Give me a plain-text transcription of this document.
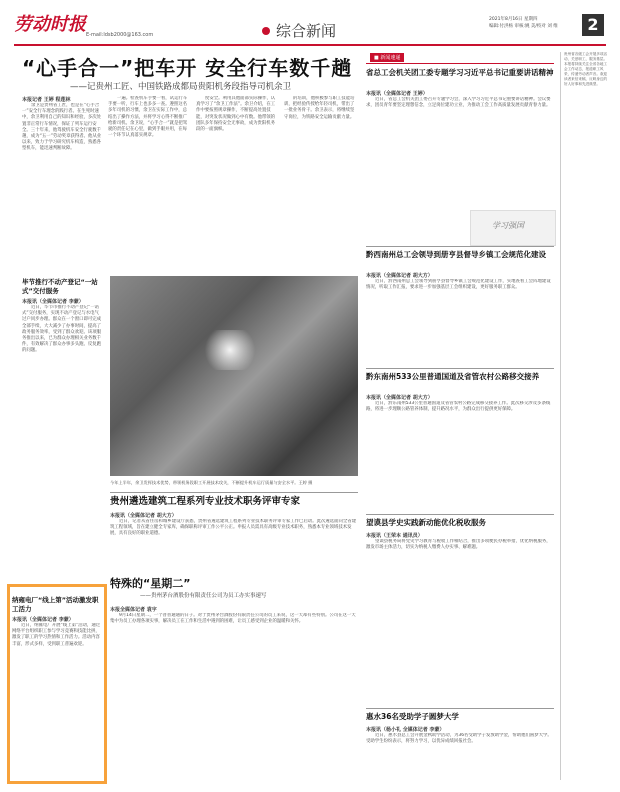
劳动时报 E-mail:ldsb2000@163.com	综合新闻
2021年8月16日 星期四
编辑:付洪杨 审核:姚 美/校对 刘 维	2
“心手合一”把车开 安全行车数千趟
——记贵州工匠、中国铁路成都局贵阳机务段指导司机余卫
本报记者 王婷 程莲林
余卫是贵州省工匠，也是在“心手合一”安全行车理念的践行者。在生死时速中，余卫利用自己的知识和经验，多次处置非正常行车情况，保证了列车运行安全。三十年来，他驾驶机车安全行驶数千趟，成为“五一”劳动奖章获得者。他从业以来，致力于学习研究机车构造，熟悉各型机车，能迅速判断故障。
一遍。检查机车手要一看，试运行车手要一听，行车上也多多一查。遵照这名多年司机的习惯，余卫在实际工作中，总结出了操作方法，并将学习心得不断推广给新司机。余卫说，“心手合一”就是把驾驶的责任记在心里，做到手眼并用，在每一个环节认真落实规章。
度安全。利用其他面部实际操作，认真学习了“余卫工作法”。余卫介绍，在工作中要按照规章操作，不断提高处置技能，对突发状况做到心中有数。他带领的团队多年保持安全无事故，成为贵阳机务段的一面旗帜。
的培训，他积极参与职工技能培训，把经验传授给年轻司机，带出了一批业务骨干。余卫表示，将继续坚守岗位，为铁路安全运输贡献力量。
毕节推行不动产登记“一站式”交付服务
本报讯（全媒体记者 李蒙）
近日，毕节市推行不动产登记“一站式”交付服务，实现不动产登记与水电气过户同步办理。群众在一个窗口即可完成全部手续，大大减少了办事时间，提高了政务服务效率，受到了群众欢迎。该项服务推出以来，已为群众办理相关业务数千件，有效解决了群众办事多头跑、反复跑的问题。
今年上半年，余卫发挥技术优势，带领机务段职工开展技术攻关，不断提升机车运行质量与安全水平。王婷 摄
贵州遴选建筑工程系列专业技术职务评审专家
本报讯（全媒体记者 胡大方）
近日，记者从省住房和城乡建设厅获悉，贵州省遴选建筑工程系列专业技术职务评审专家工作已启动。此次遴选面向全省建筑工程领域，旨在建立健全专家库，确保职称评审工作公平公正。申报人员需具有高级专业技术职务，熟悉本专业领域技术发展，具有良好的职业道德。
特殊的“星期二”
——贵州茅台酒股份有限责任公司为员工办实事速写
本报全媒体记者 袁宇
9月14日星期二，一个普普通通的日子。对于贵州茅台酒股份有限责任公司的员工来说，这一天却有些特别。公司在这一天集中为员工办理各项实事，解决员工在工作和生活中遇到的困难，让员工感受到企业的温暖和关怀。
纳雍电厂“线上第”活动激发职工活力
本报讯（全媒体记者 李蒙）
近日，纳雍电厂开展“线上第”活动，通过网络平台组织职工参与学习竞赛和技能比拼，激发了职工的学习热情和工作活力。活动内容丰富，形式多样，受到职工普遍欢迎。
■ 新闻速递
省总工会机关团工委专题学习习近平总书记重要讲话精神
本报讯（全媒体记者 王婷）
近日，省总工会机关团工委召开专题学习会，深入学习习近平总书记重要讲话精神。会议要求，团员青年要坚定理想信念，立足岗位建功立业，为推动工会工作高质量发展贡献青春力量。
学习强国
黔西南州总工会领导到册亨县督导乡镇工会规范化建设
本报讯（全媒体记者 胡大方）
近日，黔西南州总工会领导到册亨县督导乡镇工会规范化建设工作，实地查看工会阵地建设情况，听取工作汇报，要求进一步加强基层工会组织建设，更好服务职工群众。
黔东南州533公里普通国道及省管农村公路移交接养
本报讯（全媒体记者 胡大方）
近日，黔东南州533公里普通国道及省管农村公路完成移交接养工作。此次移交涉及多条线路，将进一步理顺公路管养体制，提升路况水平，为群众出行提供更好保障。
望谟县学史实践新动能优化税收服务
本报讯（王荣本 通讯员）
望谟县税务局将党史学习教育与税收工作相结合，推出多项便民办税举措，优化纳税服务，激发市场主体活力，切实为纳税人缴费人办实事、解难题。
惠水36名受助学子圆梦大学
本报讯（杨小礼 全媒体记者 李蒙）
近日，惠水县总工会开展金秋助学活动，为36名受助学子发放助学金，帮助他们圆梦大学。受助学生纷纷表示，将努力学习，以优异成绩回报社会。
贵州省各级工会开展多项活动，关爱职工，服务基层。本报将持续关注全省各地工会工作动态，报道职工风采，传递劳动者声音。欢迎读者来信来稿，反映身边的好人好事和先进典型。
